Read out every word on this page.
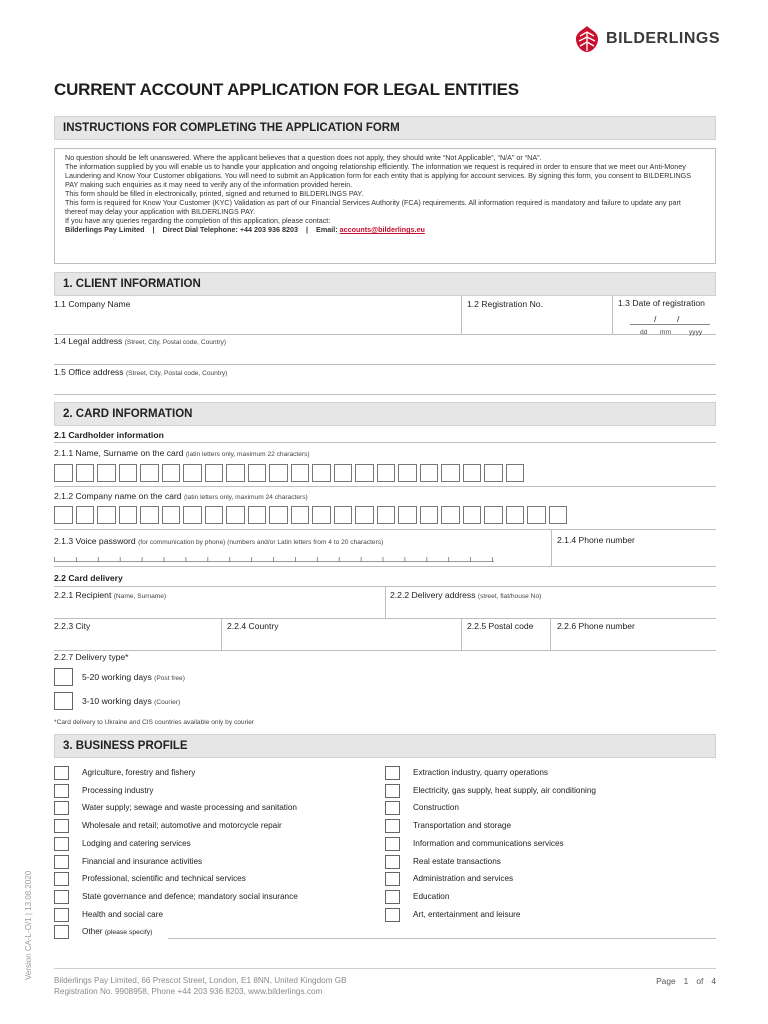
BILDERLINGS
CURRENT ACCOUNT APPLICATION FOR LEGAL ENTITIES
INSTRUCTIONS FOR COMPLETING THE APPLICATION FORM

No question should be left unanswered. Where the applicant believes that a question does not apply, they should write “Not Applicable”, “N/A” or “NA”.

The information supplied by you will enable us to handle your application and ongoing relationship efficiently. The information we request is required in order to ensure that we meet our Anti-Money Laundering and Know Your Customer obligations. You will need to submit an Application form for each entity that is applying for account services. By signing this form, you consent to BILDERLINGS PAY making such enquiries as it may need to verify any of the information provided herein.

This form should be filled in electronically, printed, signed and returned to BILDERLINGS PAY.

This form is required for Know Your Customer (KYC) Validation as part of our Financial Services Authority (FCA) requirements. All information required is mandatory and failure to update any part thereof may delay your application with BILDERLINGS PAY.

If you have any queries regarding the completion of this application, please contact:

Bilderlings Pay Limited | Direct Dial Telephone: +44 203 936 8203 | Email: accounts@bilderlings.eu

1. CLIENT INFORMATION
1.1 Company Name	1.2 Registration No.	1.3 Date of registration
/ /
dd mm	yyyy
1.4 Legal address (Street, City, Postal code, Country)
1.5 Office address (Street, City, Postal code, Country)
2. CARD INFORMATION
2.1 Cardholder information
2.1.1 Name, Surname on the card (latin letters only, maximum 22 characters)
2.1.2 Company name on the card (latin letters only, maximum 24 characters)
2.1.3 Voice password (for communication by phone) (numbers and/or Latin letters from 4 to 20 characters)	2.1.4 Phone number
2.2 Card delivery
2.2.1 Recipient (Name, Surname)	2.2.2 Delivery address (street, flat/house No)
2.2.3 City	2.2.4 Country	2.2.5 Postal code	2.2.6 Phone number
2.2.7 Delivery type*
5-20 working days (Post free)
3-10 working days (Courier)
*Card delivery to Ukraine and CIS countries available only by courier
3. BUSINESS PROFILE
Agriculture, forestry and fishery
Processing industry
Water supply; sewage and waste processing and sanitation
Wholesale and retail; automotive and motorcycle repair
Lodging and catering services
Financial and insurance activities
Professional, scientific and technical services
State governance and defence; mandatory social insurance
Health and social care
Extraction industry, quarry operations
Electricity, gas supply, heat supply, air conditioning
Construction
Transportation and storage
Information and communications services
Real estate transactions
Administration and services
Education
Art, entertainment and leisure
Other (please specify)
Version CA-L-O/1 | 13.08.2020
Bilderlings Pay Limited, 66 Prescot Street, London, E1 8NN, United Kingdom GB
Registration No. 9908958, Phone +44 203 936 8203, www.bilderlings.com
Page 1 of 4
